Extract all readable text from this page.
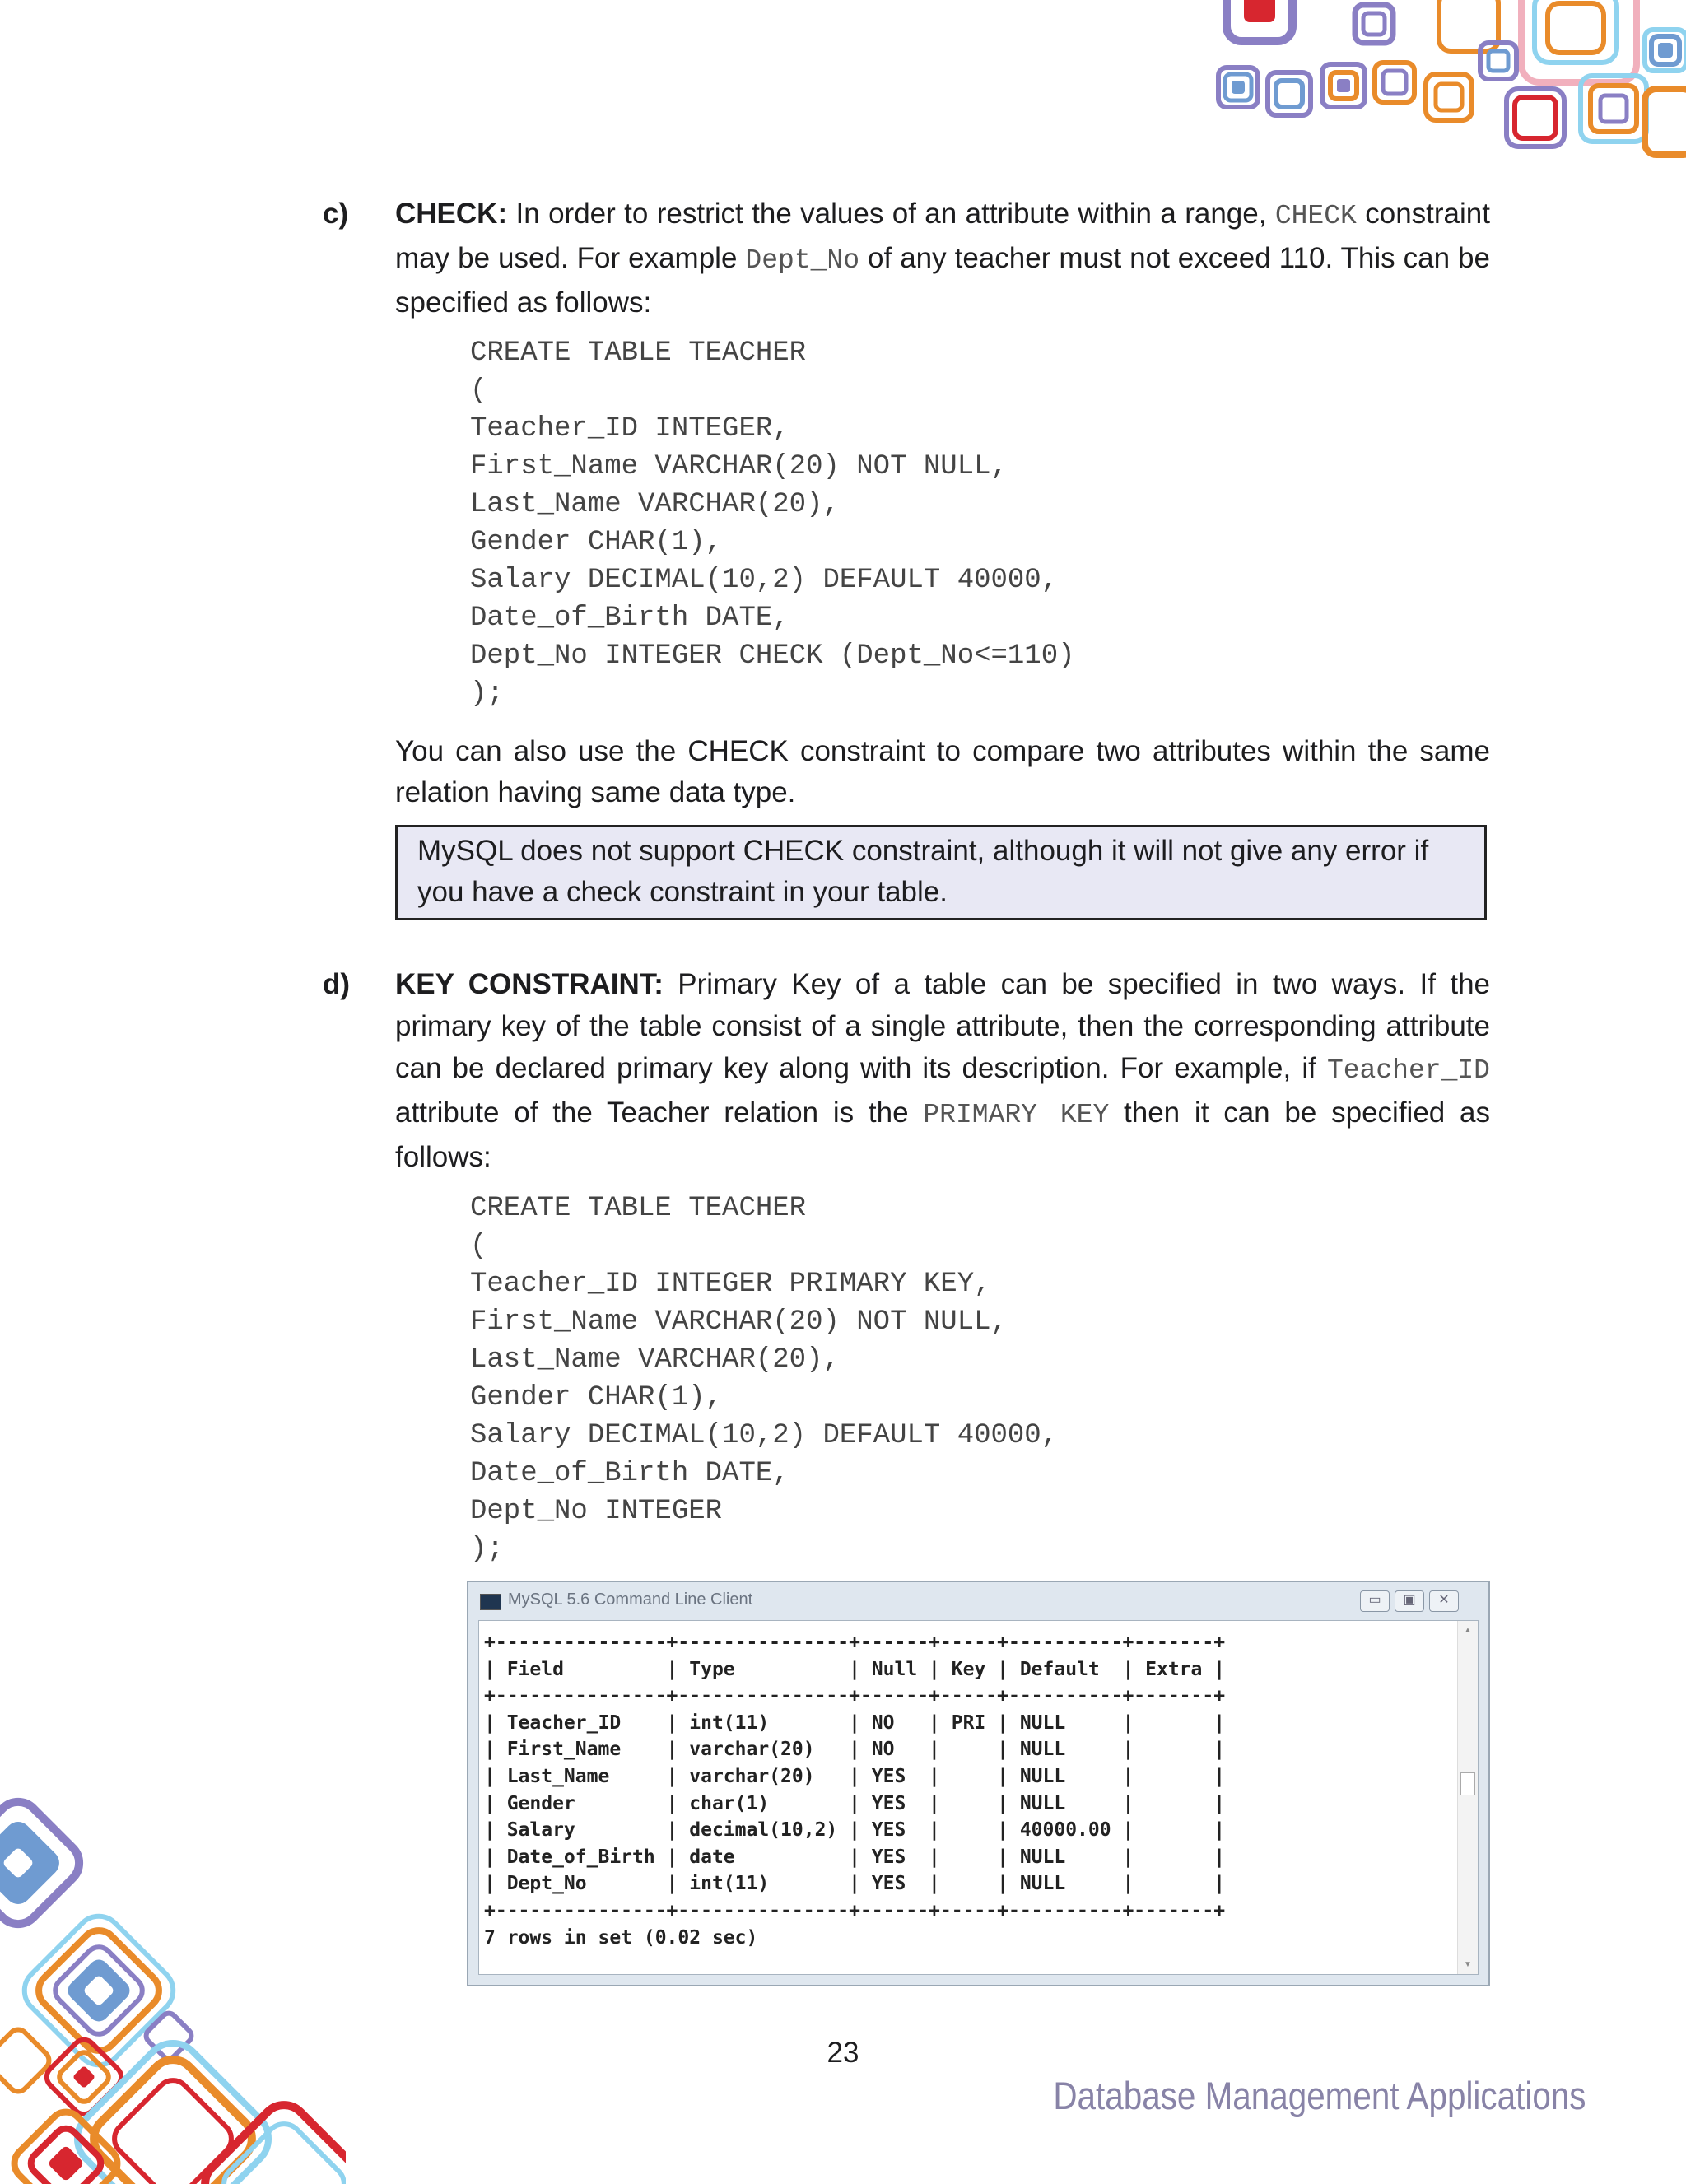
c) CHECK: In order to restrict the values of an attribute within a range, CHECK constraint may be used. For example Dept_No of any teacher must not exceed 110. This can be specified as follows:
CREATE TABLE TEACHER
(
Teacher_ID INTEGER,
First_Name VARCHAR(20) NOT NULL,
Last_Name VARCHAR(20),
Gender CHAR(1),
Salary DECIMAL(10,2) DEFAULT 40000,
Date_of_Birth DATE,
Dept_No INTEGER CHECK (Dept_No<=110)
);
You can also use the CHECK constraint to compare two attributes within the same relation having same data type.
MySQL does not support CHECK constraint, although it will not give any error if you have a check constraint in your table.
d) KEY CONSTRAINT: Primary Key of a table can be specified in two ways. If the primary key of the table consist of a single attribute, then the corresponding attribute can be declared primary key along with its description. For example, if Teacher_ID attribute of the Teacher relation is the PRIMARY KEY then it can be specified as follows:
CREATE TABLE TEACHER
(
Teacher_ID INTEGER PRIMARY KEY,
First_Name VARCHAR(20) NOT NULL,
Last_Name VARCHAR(20),
Gender CHAR(1),
Salary DECIMAL(10,2) DEFAULT 40000,
Date_of_Birth DATE,
Dept_No INTEGER
);
MySQL 5.6 Command Line Client	▭	▣	✕
+---------------+---------------+------+-----+----------+-------+
| Field         | Type          | Null | Key | Default  | Extra |
+---------------+---------------+------+-----+----------+-------+
| Teacher_ID    | int(11)       | NO   | PRI | NULL     |       |
| First_Name    | varchar(20)   | NO   |     | NULL     |       |
| Last_Name     | varchar(20)   | YES  |     | NULL     |       |
| Gender        | char(1)       | YES  |     | NULL     |       |
| Salary        | decimal(10,2) | YES  |     | 40000.00 |       |
| Date_of_Birth | date          | YES  |     | NULL     |       |
| Dept_No       | int(11)       | YES  |     | NULL     |       |
+---------------+---------------+------+-----+----------+-------+
7 rows in set (0.02 sec)
▲
▼
23
Database Management Applications
